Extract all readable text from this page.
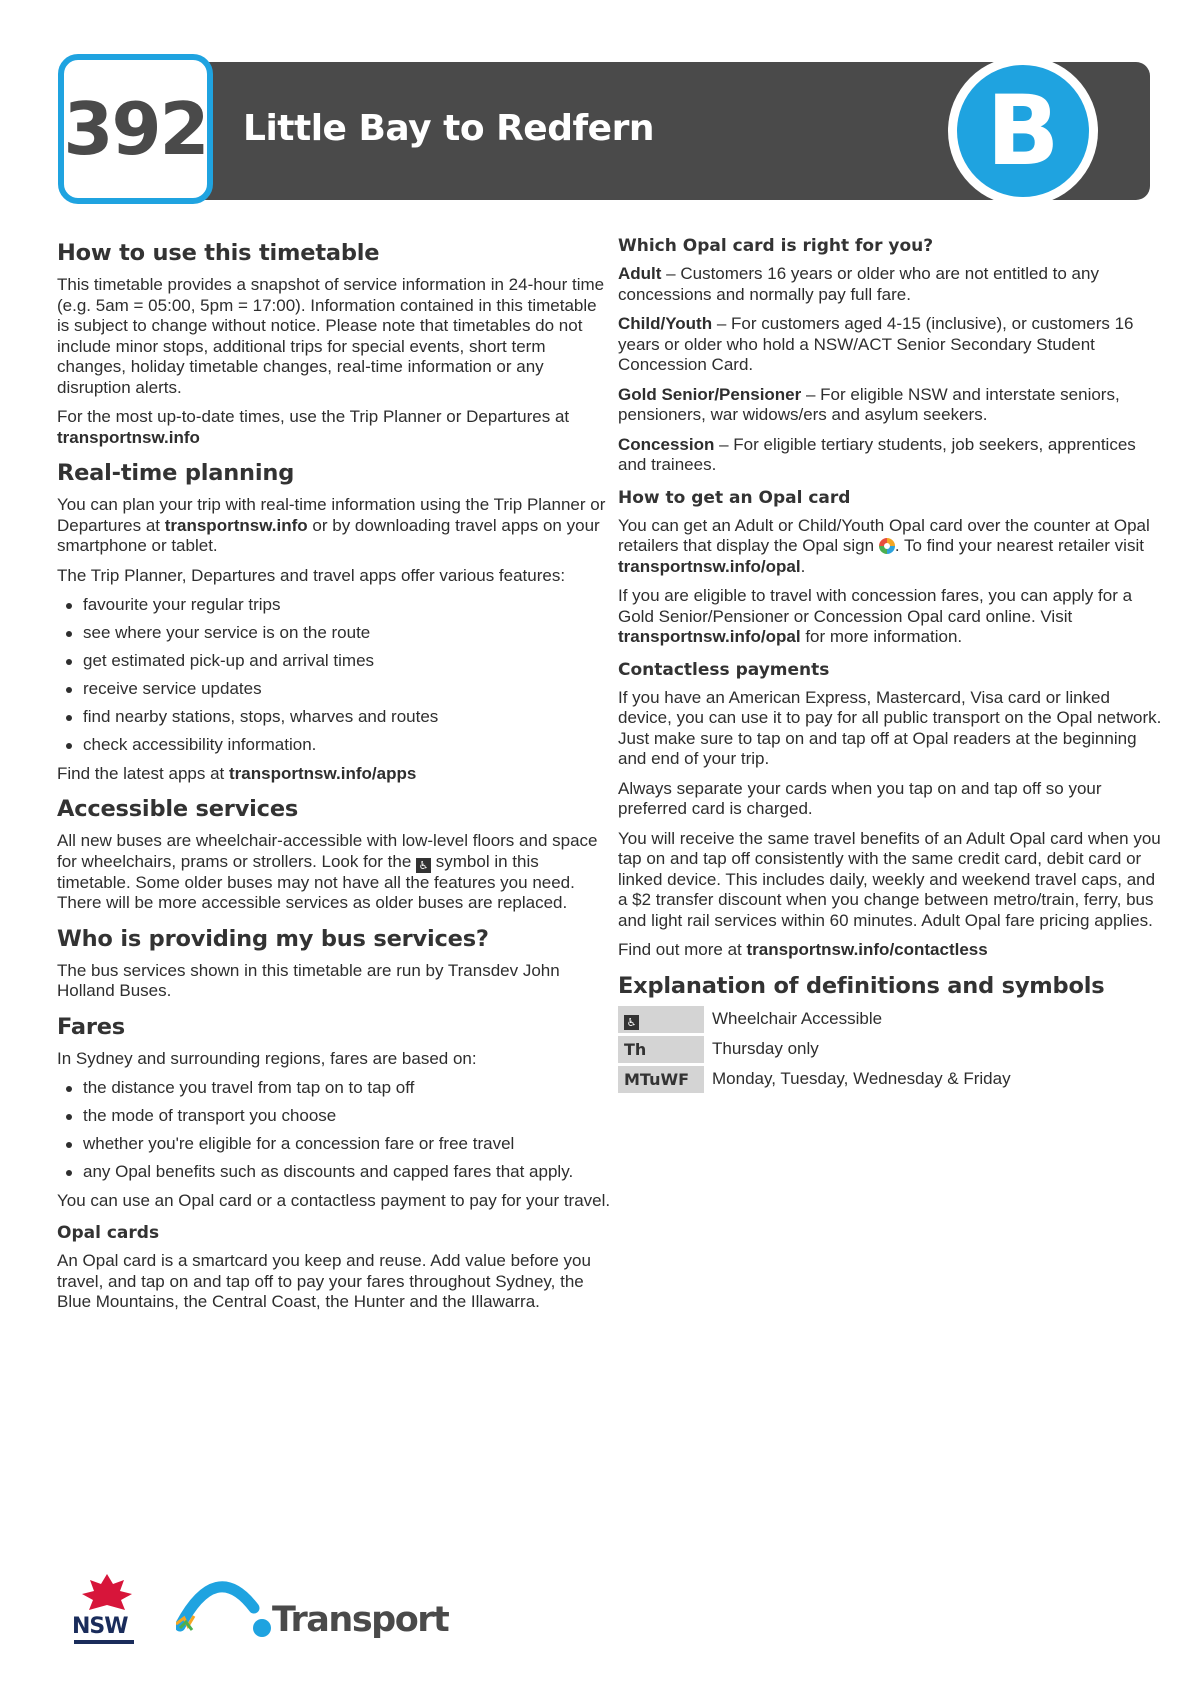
392 Little Bay to Redfern	B
How to use this timetable

This timetable provides a snapshot of service information in 24-hour time (e.g. 5am = 05:00, 5pm = 17:00). Information contained in this timetable is subject to change without notice. Please note that timetables do not include minor stops, additional trips for special events, short term changes, holiday timetable changes, real-time information or any disruption alerts.

For the most up-to-date times, use the Trip Planner or Departures at transportnsw.info

Real-time planning

You can plan your trip with real-time information using the Trip Planner or Departures at transportnsw.info or by downloading travel apps on your smartphone or tablet.

The Trip Planner, Departures and travel apps offer various features:

favourite your regular trips
see where your service is on the route
get estimated pick-up and arrival times
receive service updates
find nearby stations, stops, wharves and routes
check accessibility information.

Find the latest apps at transportnsw.info/apps

Accessible services

All new buses are wheelchair-accessible with low-level floors and space for wheelchairs, prams or strollers. Look for the ♿ symbol in this timetable. Some older buses may not have all the features you need. There will be more accessible services as older buses are replaced.

Who is providing my bus services?

The bus services shown in this timetable are run by Transdev John Holland Buses.

Fares

In Sydney and surrounding regions, fares are based on:

the distance you travel from tap on to tap off
the mode of transport you choose
whether you're eligible for a concession fare or free travel
any Opal benefits such as discounts and capped fares that apply.

You can use an Opal card or a contactless payment to pay for your travel.

Opal cards

An Opal card is a smartcard you keep and reuse. Add value before you travel, and tap on and tap off to pay your fares throughout Sydney, the Blue Mountains, the Central Coast, the Hunter and the Illawarra.

Which Opal card is right for you?

Adult – Customers 16 years or older who are not entitled to any concessions and normally pay full fare.

Child/Youth – For customers aged 4-15 (inclusive), or customers 16 years or older who hold a NSW/ACT Senior Secondary Student Concession Card.

Gold Senior/Pensioner – For eligible NSW and interstate seniors, pensioners, war widows/ers and asylum seekers.

Concession – For eligible tertiary students, job seekers, apprentices and trainees.

How to get an Opal card

You can get an Adult or Child/Youth Opal card over the counter at Opal retailers that display the Opal sign . To find your nearest retailer visit transportnsw.info/opal.

If you are eligible to travel with concession fares, you can apply for a Gold Senior/Pensioner or Concession Opal card online. Visit transportnsw.info/opal for more information.

Contactless payments

If you have an American Express, Mastercard, Visa card or linked device, you can use it to pay for all public transport on the Opal network. Just make sure to tap on and tap off at Opal readers at the beginning and end of your trip.

Always separate your cards when you tap on and tap off so your preferred card is charged.

You will receive the same travel benefits of an Adult Opal card when you tap on and tap off consistently with the same credit card, debit card or linked device. This includes daily, weekly and weekend travel caps, and a $2 transfer discount when you change between metro/train, ferry, bus and light rail services within 60 minutes. Adult Opal fare pricing applies.

Find out more at transportnsw.info/contactless

Explanation of definitions and symbols
♿	Wheelchair Accessible
Th	Thursday only
MTuWF	Monday, Tuesday, Wednesday & Friday
NSW	Transport
